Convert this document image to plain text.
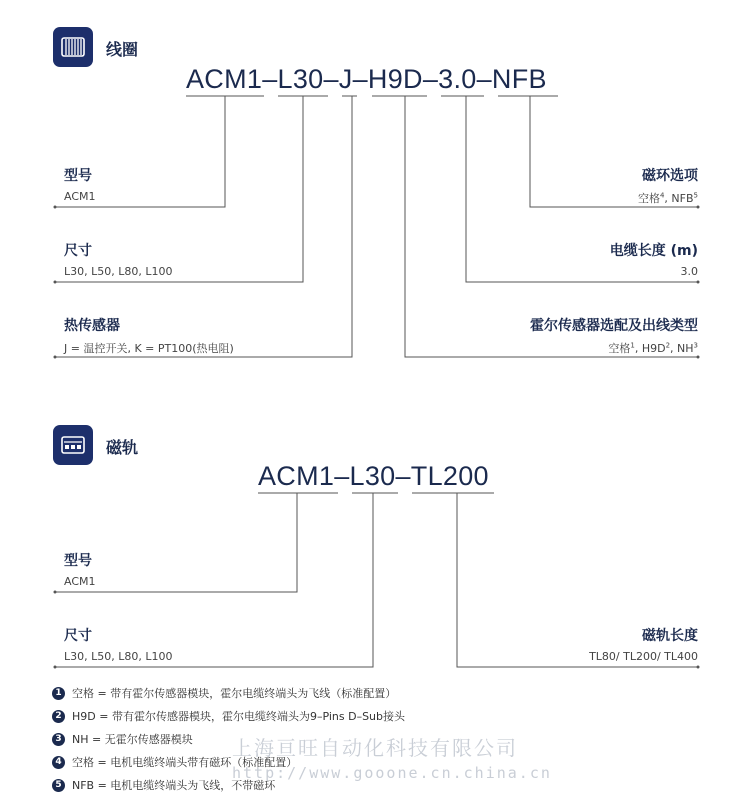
线圈
ACM1–L30–J–H9D–3.0–NFB
型号
ACM1
尺寸
L30, L50, L80, L100
热传感器
J = 温控开关, K = PT100(热电阻)
磁环选项
空格$^4$, NFB$^5$
电缆长度 (m)
3.0
霍尔传感器选配及出线类型
空格$^1$, $H9D^2$, $NH^3$
磁轨
ACM1–L30–TL200
型号
ACM1
尺寸
L30, L50, L80, L100
磁轨长度
TL80/ TL200/ TL400
1 空格 = 带有霍尔传感器模块，霍尔电缆终端头为飞线（标准配置）
2 H9D = 带有霍尔传感器模块，霍尔电缆终端头为9–Pins D–Sub接头
3 NH = 无霍尔传感器模块
4 空格 = 电机电缆终端头带有磁环（标准配置）
5 NFB = 电机电缆终端头为飞线，不带磁环
上海亘旺自动化科技有限公司
http://www.gooone.cn.china.cn
